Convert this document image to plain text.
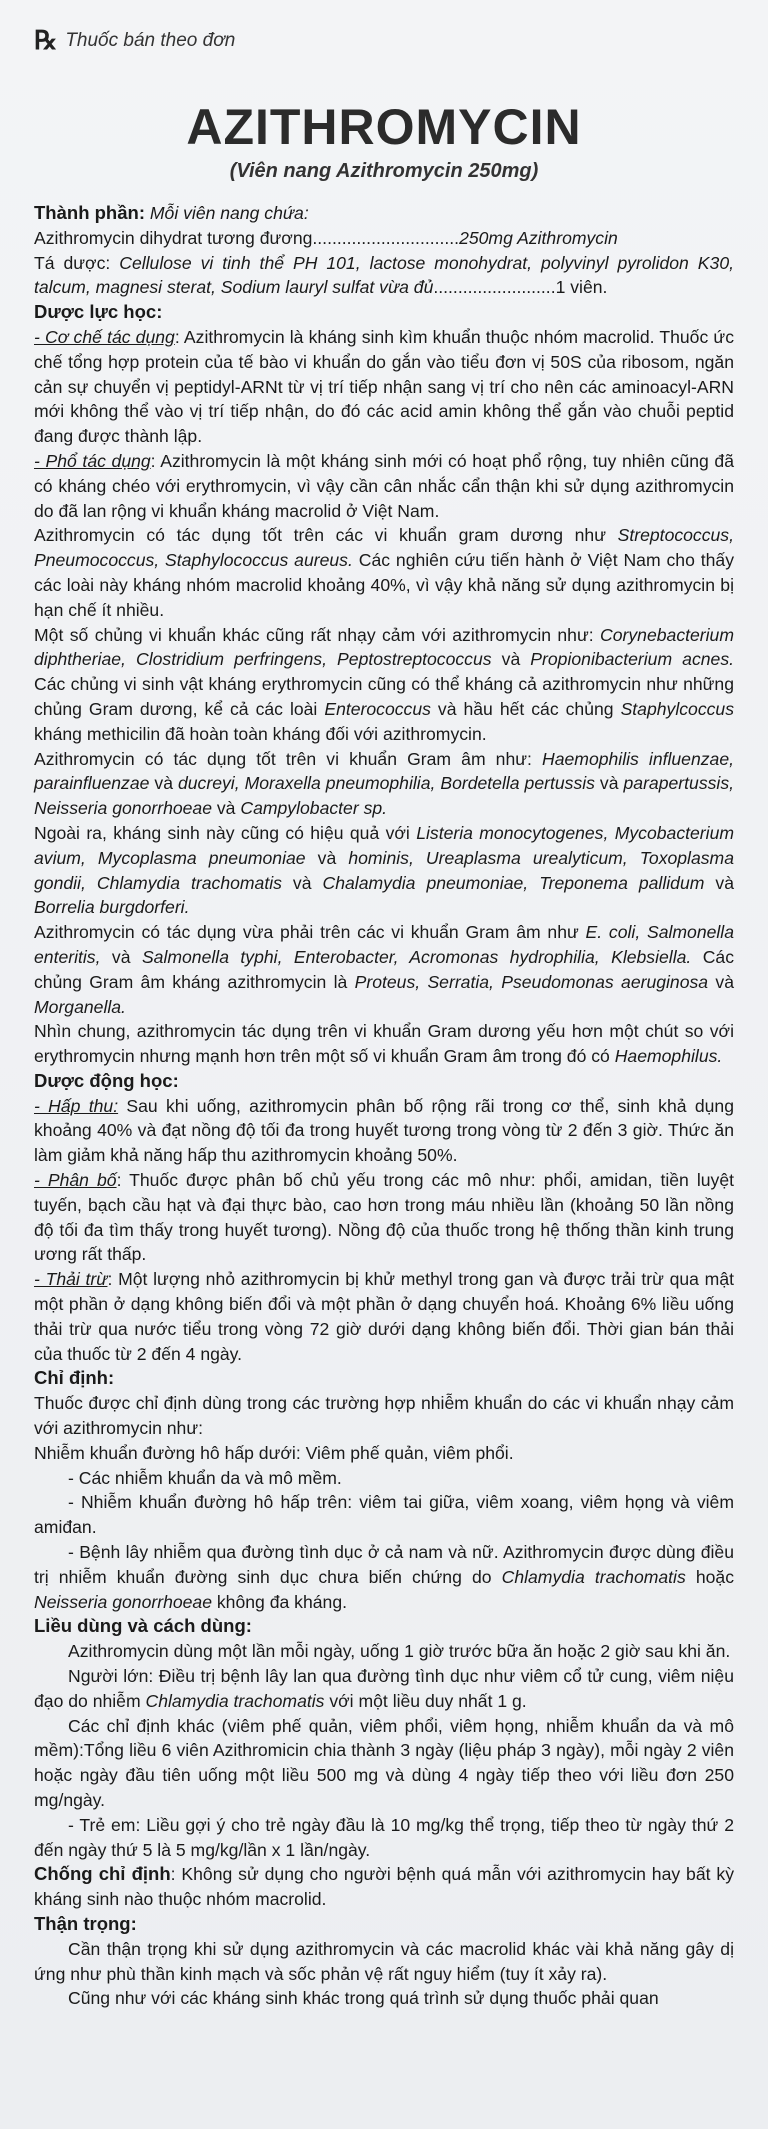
℞ Thuốc bán theo đơn
AZITHROMYCIN
(Viên nang Azithromycin 250mg)

Thành phần: Mỗi viên nang chứa:

Azithromycin dihydrat tương đương..............................250mg Azithromycin

Tá dược: Cellulose vi tinh thể PH 101, lactose monohydrat, polyvinyl pyrolidon K30, talcum, magnesi sterat, Sodium lauryl sulfat vừa đủ.........................1 viên.

Dược lực học:

- Cơ chế tác dụng: Azithromycin là kháng sinh kìm khuẩn thuộc nhóm macrolid. Thuốc ức chế tổng hợp protein của tế bào vi khuẩn do gắn vào tiểu đơn vị 50S của ribosom, ngăn cản sự chuyển vị peptidyl-ARNt từ vị trí tiếp nhận sang vị trí cho nên các aminoacyl-ARN mới không thể vào vị trí tiếp nhận, do đó các acid amin không thể gắn vào chuỗi peptid đang được thành lập.

- Phổ tác dụng: Azithromycin là một kháng sinh mới có hoạt phổ rộng, tuy nhiên cũng đã có kháng chéo với erythromycin, vì vậy cần cân nhắc cẩn thận khi sử dụng azithromycin do đã lan rộng vi khuẩn kháng macrolid ở Việt Nam.

Azithromycin có tác dụng tốt trên các vi khuẩn gram dương như Streptococcus, Pneumococcus, Staphylococcus aureus. Các nghiên cứu tiến hành ở Việt Nam cho thấy các loài này kháng nhóm macrolid khoảng 40%, vì vậy khả năng sử dụng azithromycin bị hạn chế ít nhiều.

Một số chủng vi khuẩn khác cũng rất nhạy cảm với azithromycin như: Corynebacterium diphtheriae, Clostridium perfringens, Peptostreptococcus và Propionibacterium acnes. Các chủng vi sinh vật kháng erythromycin cũng có thể kháng cả azithromycin như những chủng Gram dương, kể cả các loài Enterococcus và hầu hết các chủng Staphylcoccus kháng methicilin đã hoàn toàn kháng đối với azithromycin.

Azithromycin có tác dụng tốt trên vi khuẩn Gram âm như: Haemophilis influenzae, parainfluenzae và ducreyi, Moraxella pneumophilia, Bordetella pertussis và parapertussis, Neisseria gonorrhoeae và Campylobacter sp.

Ngoài ra, kháng sinh này cũng có hiệu quả với Listeria monocytogenes, Mycobacterium avium, Mycoplasma pneumoniae và hominis, Ureaplasma urealyticum, Toxoplasma gondii, Chlamydia trachomatis và Chalamydia pneumoniae, Treponema pallidum và Borrelia burgdorferi.

Azithromycin có tác dụng vừa phải trên các vi khuẩn Gram âm như E. coli, Salmonella enteritis, và Salmonella typhi, Enterobacter, Acromonas hydrophilia, Klebsiella. Các chủng Gram âm kháng azithromycin là Proteus, Serratia, Pseudomonas aeruginosa và Morganella.

Nhìn chung, azithromycin tác dụng trên vi khuẩn Gram dương yếu hơn một chút so với erythromycin nhưng mạnh hơn trên một số vi khuẩn Gram âm trong đó có Haemophilus.

Dược động học:

- Hấp thu: Sau khi uống, azithromycin phân bố rộng rãi trong cơ thể, sinh khả dụng khoảng 40% và đạt nồng độ tối đa trong huyết tương trong vòng từ 2 đến 3 giờ. Thức ăn làm giảm khả năng hấp thu azithromycin khoảng 50%.

- Phân bố: Thuốc được phân bố chủ yếu trong các mô như: phổi, amidan, tiền luyệt tuyến, bạch cầu hạt và đại thực bào, cao hơn trong máu nhiều lần (khoảng 50 lần nồng độ tối đa tìm thấy trong huyết tương). Nồng độ của thuốc trong hệ thống thần kinh trung ương rất thấp.

- Thải trừ: Một lượng nhỏ azithromycin bị khử methyl trong gan và được trải trừ qua mật một phần ở dạng không biến đổi và một phần ở dạng chuyển hoá. Khoảng 6% liều uống thải trừ qua nước tiểu trong vòng 72 giờ dưới dạng không biến đổi. Thời gian bán thải của thuốc từ 2 đến 4 ngày.

Chỉ định:

Thuốc được chỉ định dùng trong các trường hợp nhiễm khuẩn do các vi khuẩn nhạy cảm với azithromycin như:

Nhiễm khuẩn đường hô hấp dưới: Viêm phế quản, viêm phổi.

- Các nhiễm khuẩn da và mô mềm.

- Nhiễm khuẩn đường hô hấp trên: viêm tai giữa, viêm xoang, viêm họng và viêm amiđan.

- Bệnh lây nhiễm qua đường tình dục ở cả nam và nữ. Azithromycin được dùng điều trị nhiễm khuẩn đường sinh dục chưa biến chứng do Chlamydia trachomatis hoặc Neisseria gonorrhoeae không đa kháng.

Liều dùng và cách dùng:

Azithromycin dùng một lần mỗi ngày, uống 1 giờ trước bữa ăn hoặc 2 giờ sau khi ăn.

Người lớn: Điều trị bệnh lây lan qua đường tình dục như viêm cổ tử cung, viêm niệu đạo do nhiễm Chlamydia trachomatis với một liều duy nhất 1 g.

Các chỉ định khác (viêm phế quản, viêm phổi, viêm họng, nhiễm khuẩn da và mô mềm):Tổng liều 6 viên Azithromicin chia thành 3 ngày (liệu pháp 3 ngày), mỗi ngày 2 viên hoặc ngày đầu tiên uống một liều 500 mg và dùng 4 ngày tiếp theo với liều đơn 250 mg/ngày.

- Trẻ em: Liều gợi ý cho trẻ ngày đầu là 10 mg/kg thể trọng, tiếp theo từ ngày thứ 2 đến ngày thứ 5 là 5 mg/kg/lần x 1 lần/ngày.

Chống chỉ định: Không sử dụng cho người bệnh quá mẫn với azithromycin hay bất kỳ kháng sinh nào thuộc nhóm macrolid.

Thận trọng:

Cần thận trọng khi sử dụng azithromycin và các macrolid khác vài khả năng gây dị ứng như phù thần kinh mạch và sốc phản vệ rất nguy hiểm (tuy ít xảy ra).

Cũng như với các kháng sinh khác trong quá trình sử dụng thuốc phải quan
